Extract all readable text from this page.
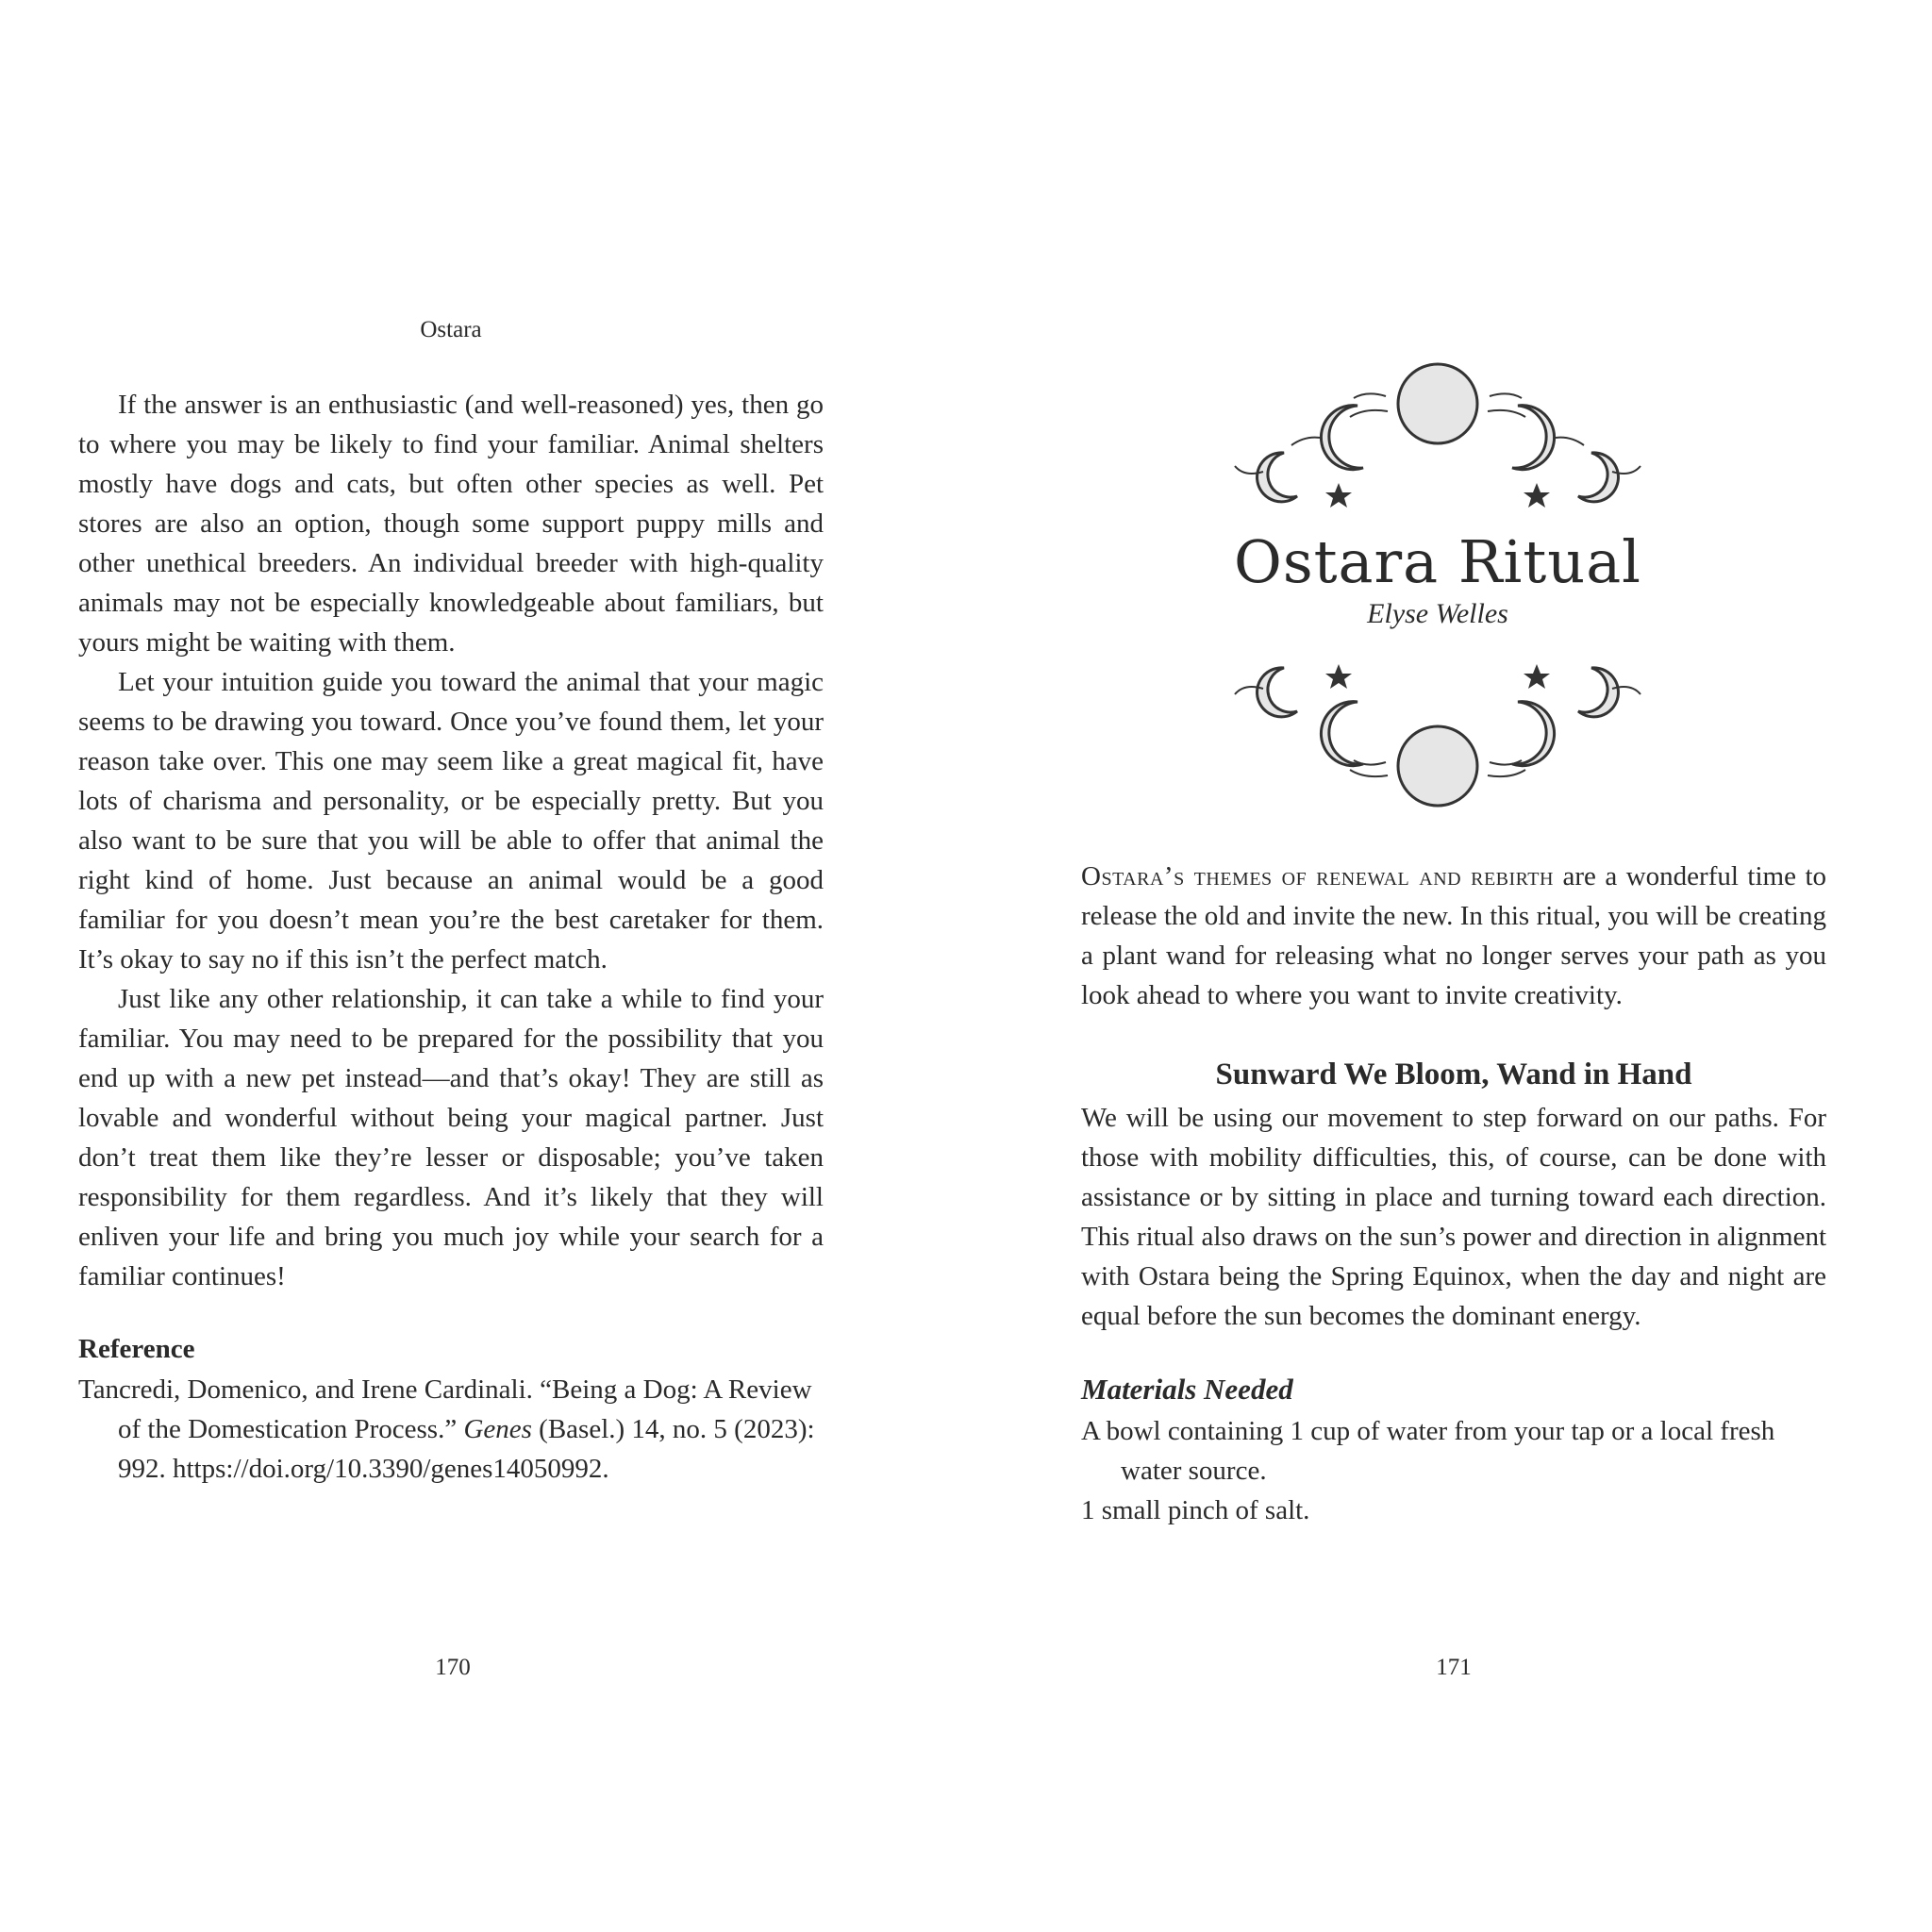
Ostara

If the answer is an enthusiastic (and well-reasoned) yes, then go to where you may be likely to find your familiar. Animal shelters mostly have dogs and cats, but often other species as well. Pet stores are also an option, though some support puppy mills and other unethical breeders. An individual breeder with high-quality animals may not be especially knowledgeable about familiars, but yours might be waiting with them.

Let your intuition guide you toward the animal that your magic seems to be drawing you toward. Once you’ve found them, let your reason take over. This one may seem like a great magical fit, have lots of charisma and personality, or be especially pretty. But you also want to be sure that you will be able to offer that animal the right kind of home. Just because an animal would be a good familiar for you doesn’t mean you’re the best caretaker for them. It’s okay to say no if this isn’t the perfect match.

Just like any other relationship, it can take a while to find your familiar. You may need to be prepared for the possibility that you end up with a new pet instead—and that’s okay! They are still as lovable and wonderful without being your magical partner. Just don’t treat them like they’re lesser or disposable; you’ve taken responsibility for them regardless. And it’s likely that they will enliven your life and bring you much joy while your search for a familiar continues!

Reference
Tancredi, Domenico, and Irene Cardinali. “Being a Dog: A Review of the Domestication Process.” Genes (Basel.) 14, no. 5 (2023): 992. https://doi.org/10.3390/genes14050992.
170
Ostara Ritual
Elyse Welles

Ostara’s themes of renewal and rebirth are a wonderful time to release the old and invite the new. In this ritual, you will be creating a plant wand for releasing what no longer serves your path as you look ahead to where you want to invite creativity.

Sunward We Bloom, Wand in Hand

We will be using our movement to step forward on our paths. For those with mobility difficulties, this, of course, can be done with assistance or by sitting in place and turning toward each direction. This ritual also draws on the sun’s power and direction in alignment with Ostara being the Spring Equinox, when the day and night are equal before the sun becomes the dominant energy.

Materials Needed
A bowl containing 1 cup of water from your tap or a local fresh water source.
1 small pinch of salt.
171
